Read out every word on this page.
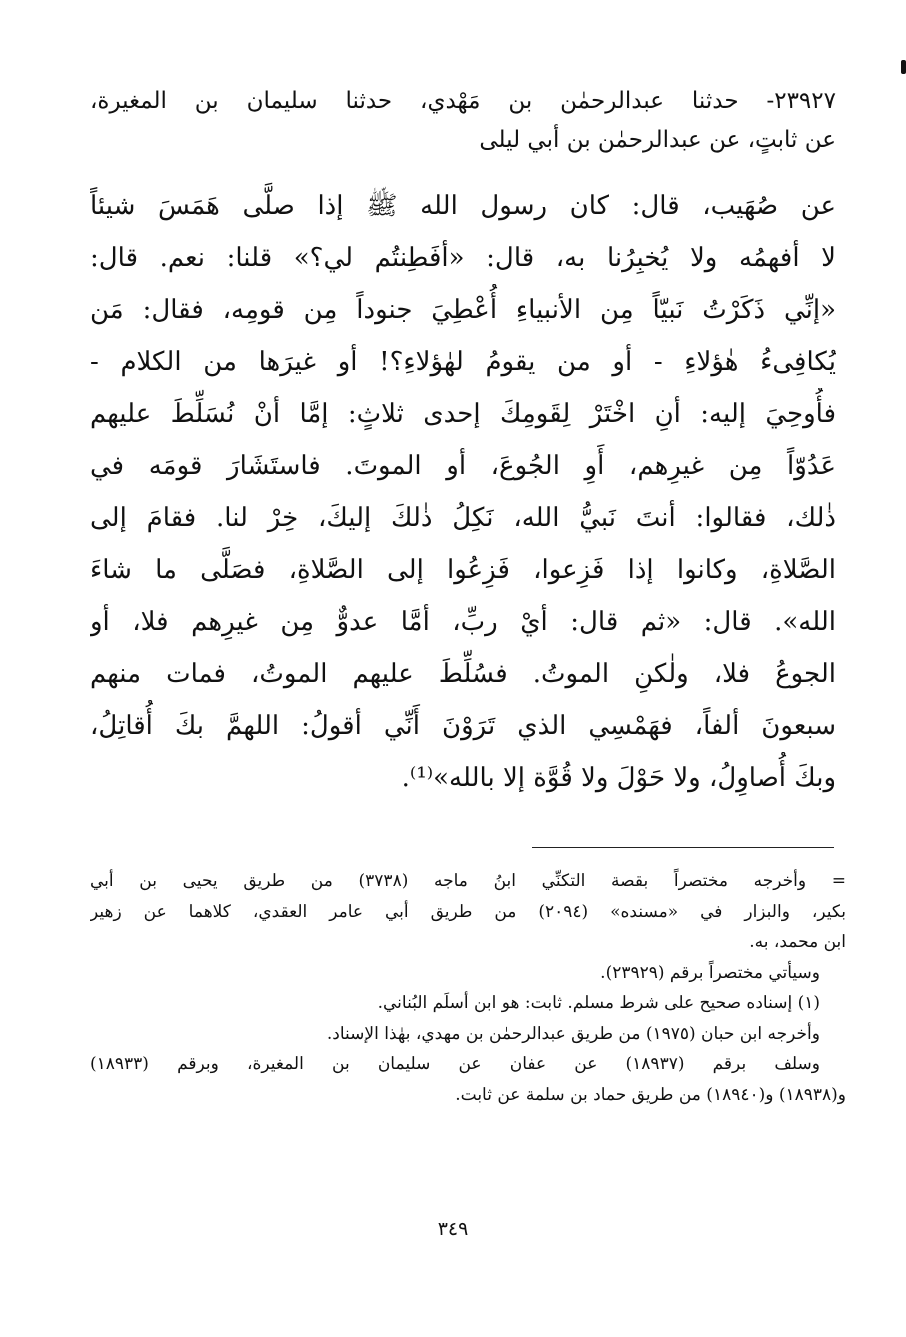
٢٣٩٢٧- حدثنا عبدالرحمٰن بن مَهْدي، حدثنا سليمان بن المغيرة،
عن ثابتٍ، عن عبدالرحمٰن بن أبي ليلى
عن صُهَيب، قال: كان رسول الله ﷺ إذا صلَّى هَمَسَ شيئاً
لا أفهمُه ولا يُخبِرُنا به، قال: «أفَطِنتُم لي؟» قلنا: نعم. قال:
«إنِّي ذَكَرْتُ نَبيّاً مِن الأنبياءِ أُعْطِيَ جنوداً مِن قومِه، فقال: مَن
يُكافِىءُ هٰؤلاءِ - أو من يقومُ لهٰؤلاءِ؟! أو غيرَها من الكلام -
فأُوحِيَ إليه: أنِ اخْتَرْ لِقَومِكَ إحدى ثلاثٍ: إمَّا أنْ نُسَلِّطَ عليهم
عَدُوّاً مِن غيرِهم، أَوِ الجُوعَ، أو الموتَ. فاستَشَارَ قومَه في
ذٰلك، فقالوا: أنتَ نَبيُّ الله، نَكِلُ ذٰلكَ إليكَ، خِرْ لنا. فقامَ إلى
الصَّلاةِ، وكانوا إذا فَزِعوا، فَزِعُوا إلى الصَّلاةِ، فصَلَّى ما شاءَ
الله». قال: «ثم قال: أيْ ربِّ، أمَّا عدوٌّ مِن غيرِهم فلا، أو
الجوعُ فلا، ولٰكنِ الموتُ. فسُلِّطَ عليهم الموتُ، فمات منهم
سبعونَ ألفاً، فهَمْسِي الذي تَرَوْنَ أَنِّي أقولُ: اللهمَّ بكَ أُقاتِلُ،
وبكَ أُصاوِلُ، ولا حَوْلَ ولا قُوَّة إلا بالله»⁽¹⁾.
= وأخرجه مختصراً بقصة التكنِّي ابنُ ماجه (٣٧٣٨) من طريق يحيى بن أبي
بكير، والبزار في «مسنده» (٢٠٩٤) من طريق أبي عامر العقدي، كلاهما عن زهير
ابن محمد، به.
وسيأتي مختصراً برقم (٢٣٩٢٩).
(١) إسناده صحيح على شرط مسلم. ثابت: هو ابن أسلَم البُناني.
وأخرجه ابن حبان (١٩٧٥) من طريق عبدالرحمٰن بن مهدي، بهٰذا الإسناد.
وسلف برقم (١٨٩٣٧) عن عفان عن سليمان بن المغيرة، وبرقم (١٨٩٣٣)
و(١٨٩٣٨) و(١٨٩٤٠) من طريق حماد بن سلمة عن ثابت.
٣٤٩
